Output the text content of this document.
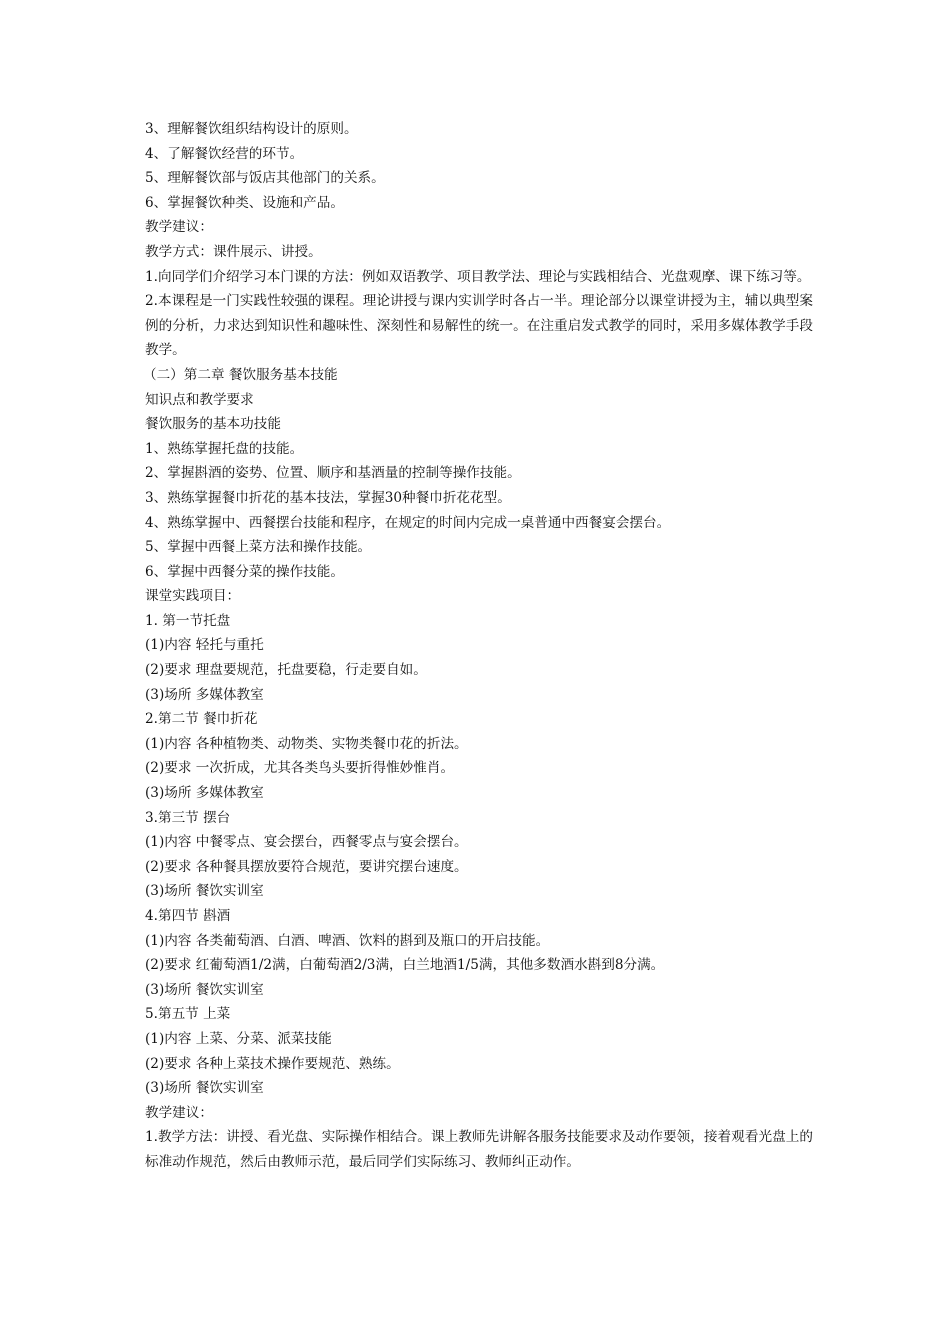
3、理解餐饮组织结构设计的原则。
4、了解餐饮经营的环节。
5、理解餐饮部与饭店其他部门的关系。
6、掌握餐饮种类、设施和产品。
教学建议：
教学方式：课件展示、讲授。
1.向同学们介绍学习本门课的方法：例如双语教学、项目教学法、理论与实践相结合、光盘观摩、课下练习等。
2.本课程是一门实践性较强的课程。理论讲授与课内实训学时各占一半。理论部分以课堂讲授为主，辅以典型案例的分析，力求达到知识性和趣味性、深刻性和易解性的统一。在注重启发式教学的同时，采用多媒体教学手段教学。
（二）第二章 餐饮服务基本技能
知识点和教学要求
餐饮服务的基本功技能
1、熟练掌握托盘的技能。
2、掌握斟酒的姿势、位置、顺序和基酒量的控制等操作技能。
3、熟练掌握餐巾折花的基本技法，掌握30种餐巾折花花型。
4、熟练掌握中、西餐摆台技能和程序，在规定的时间内完成一桌普通中西餐宴会摆台。
5、掌握中西餐上菜方法和操作技能。
6、掌握中西餐分菜的操作技能。
课堂实践项目：
1. 第一节托盘
(1)内容 轻托与重托
(2)要求 理盘要规范，托盘要稳，行走要自如。
(3)场所 多媒体教室
2.第二节 餐巾折花
(1)内容 各种植物类、动物类、实物类餐巾花的折法。
(2)要求 一次折成，尤其各类鸟头要折得惟妙惟肖。
(3)场所 多媒体教室
3.第三节 摆台
(1)内容 中餐零点、宴会摆台，西餐零点与宴会摆台。
(2)要求 各种餐具摆放要符合规范，要讲究摆台速度。
(3)场所 餐饮实训室
4.第四节 斟酒
(1)内容 各类葡萄酒、白酒、啤酒、饮料的斟到及瓶口的开启技能。
(2)要求 红葡萄酒1/2满，白葡萄酒2/3满，白兰地酒1/5满，其他多数酒水斟到8分满。
(3)场所 餐饮实训室
5.第五节 上菜
(1)内容 上菜、分菜、派菜技能
(2)要求 各种上菜技术操作要规范、熟练。
(3)场所 餐饮实训室
教学建议：
1.教学方法：讲授、看光盘、实际操作相结合。课上教师先讲解各服务技能要求及动作要领，接着观看光盘上的标准动作规范，然后由教师示范，最后同学们实际练习、教师纠正动作。
